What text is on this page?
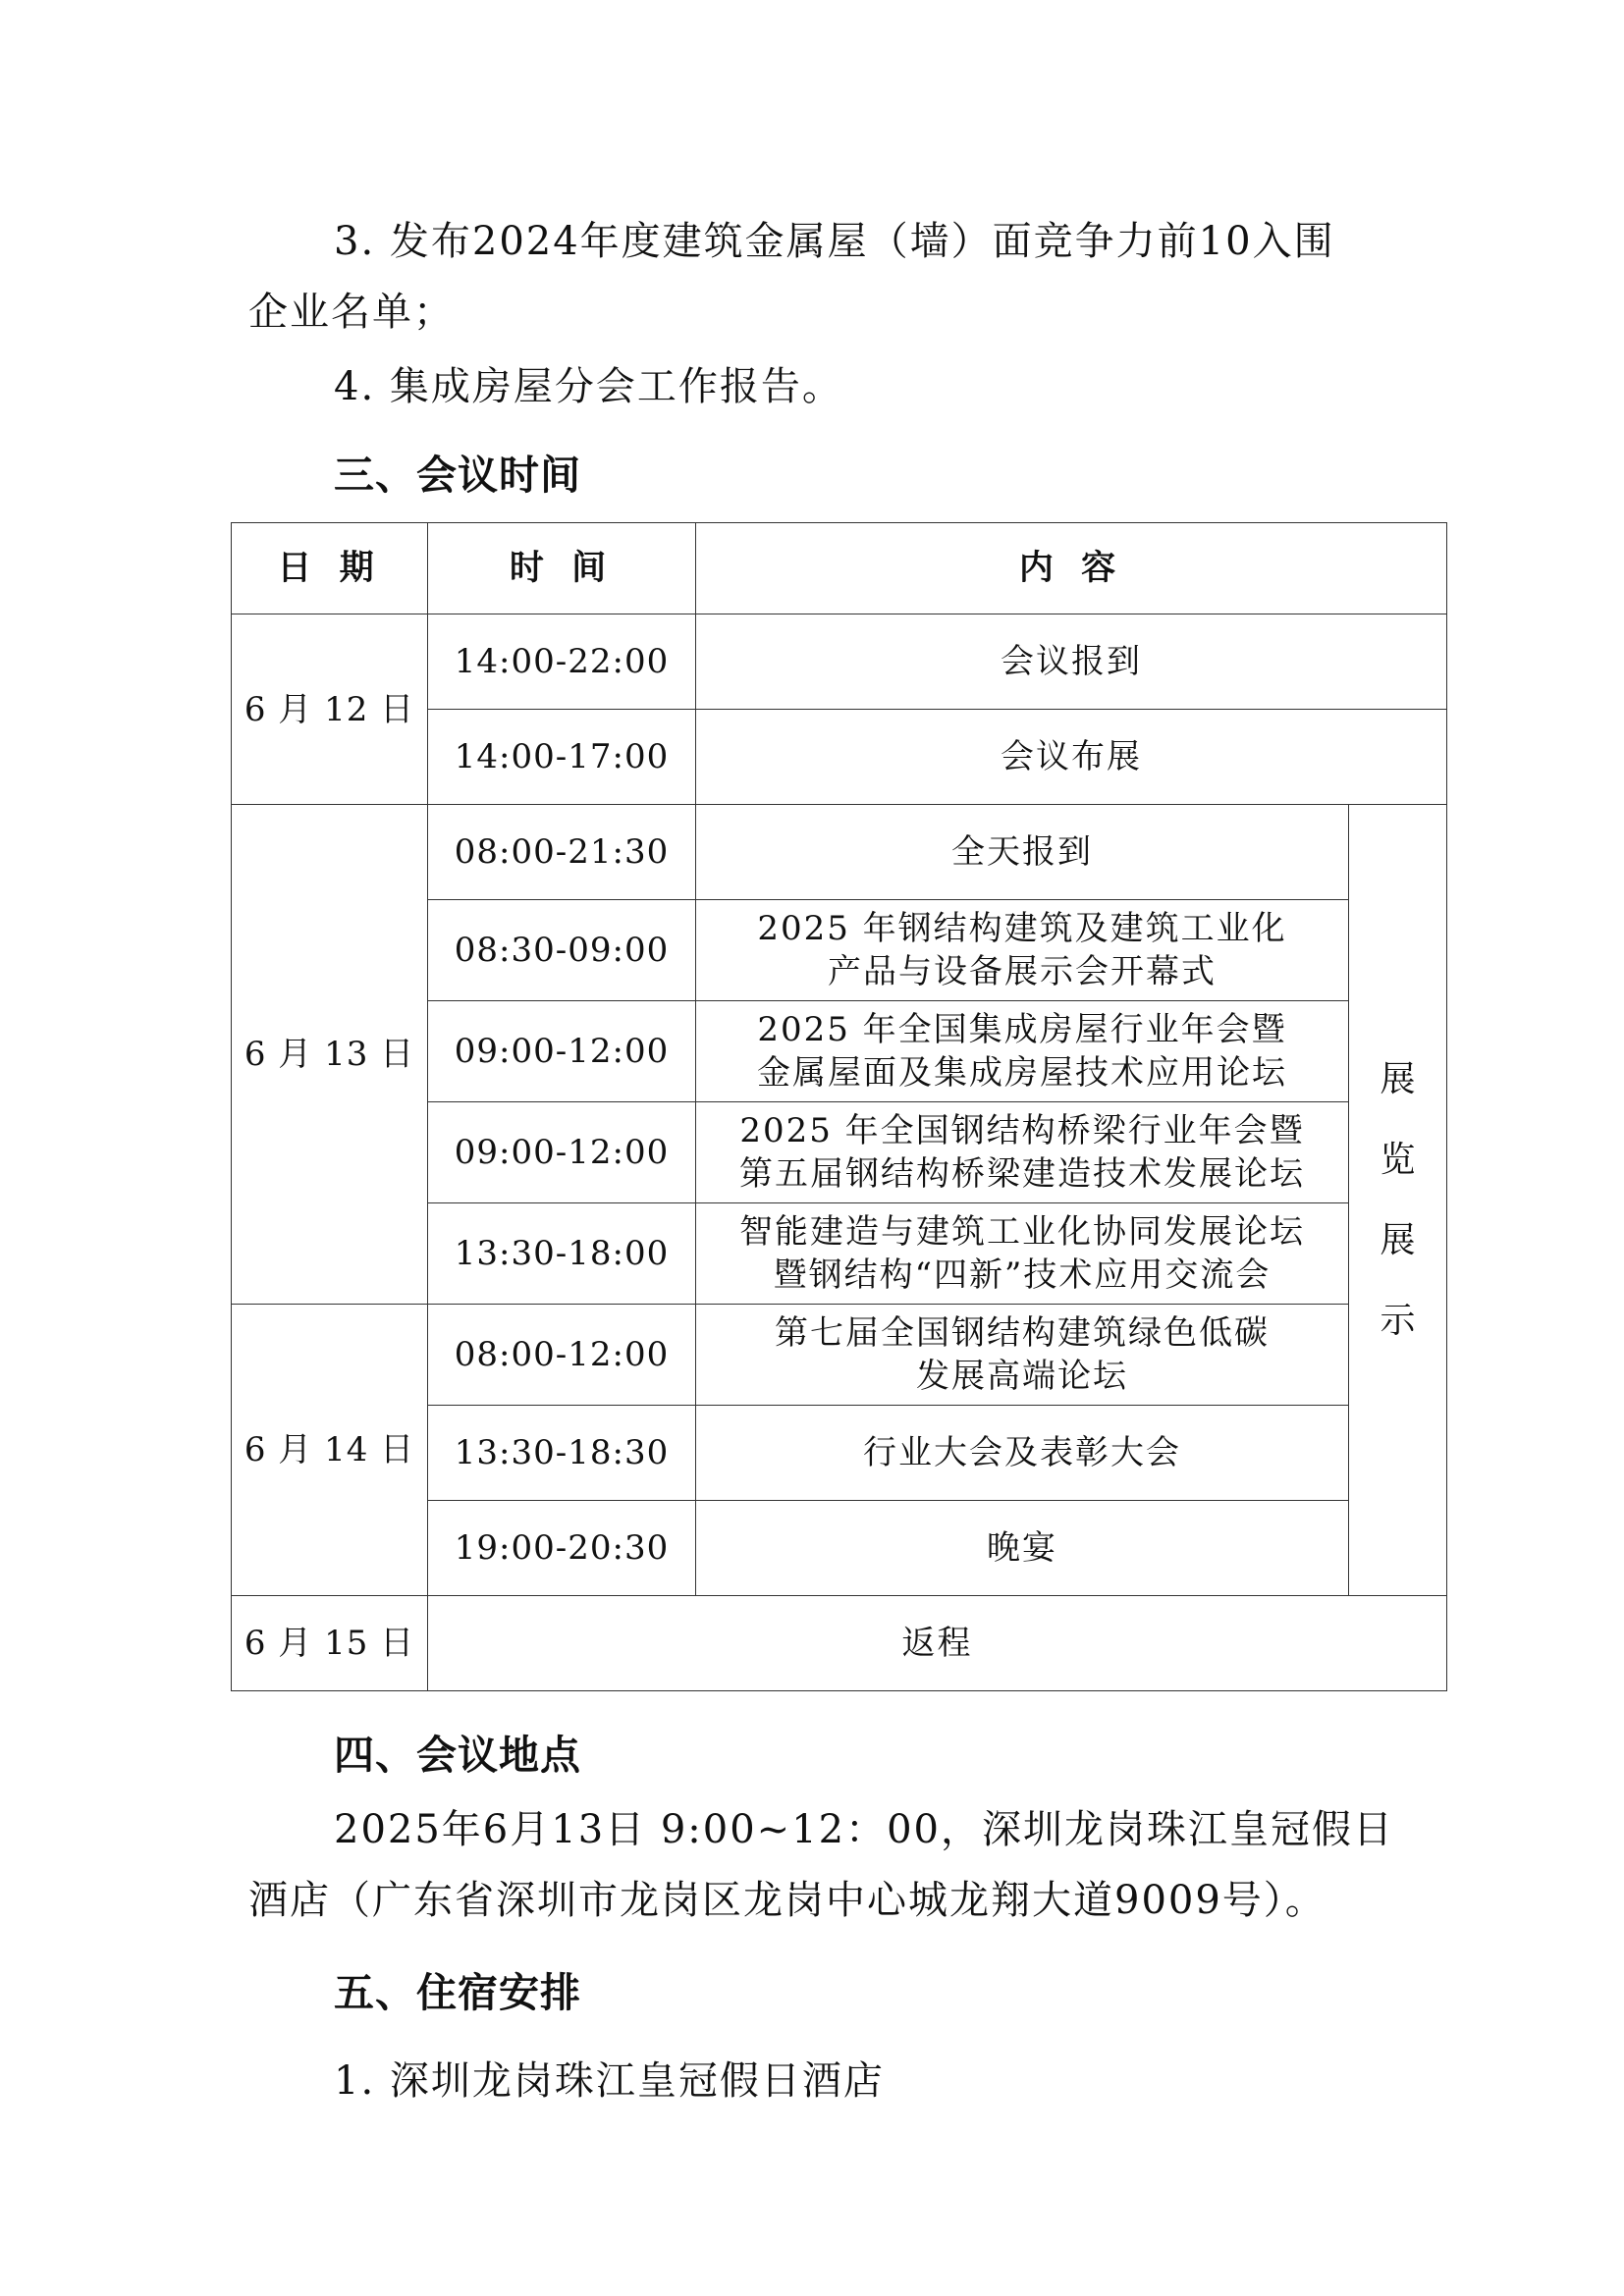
3. 发布2024年度建筑金属屋（墙）面竞争力前10入围
企业名单；
4. 集成房屋分会工作报告。
三、会议时间
日 期	时 间	内 容	
6 月 12 日	14:00-22:00	会议报到	

	14:00-17:00	会议布展	

6 月 13 日	08:00-21:30	全天报到	展
览
展
示

	08:30-09:00	2025 年钢结构建筑及建筑工业化
产品与设备展示会开幕式	

	09:00-12:00	2025 年全国集成房屋行业年会暨
金属屋面及集成房屋技术应用论坛	

	09:00-12:00	2025 年全国钢结构桥梁行业年会暨
第五届钢结构桥梁建造技术发展论坛	

	13:30-18:00	智能建造与建筑工业化协同发展论坛
暨钢结构“四新”技术应用交流会	

6 月 14 日	08:00-12:00	第七届全国钢结构建筑绿色低碳
发展高端论坛	

	13:30-18:30	行业大会及表彰大会	

	19:00-20:30	晚宴	

6 月 15 日	返程		
四、会议地点
2025年6月13日 9:00~12：00，深圳龙岗珠江皇冠假日
酒店（广东省深圳市龙岗区龙岗中心城龙翔大道9009号）。
五、住宿安排
1. 深圳龙岗珠江皇冠假日酒店
